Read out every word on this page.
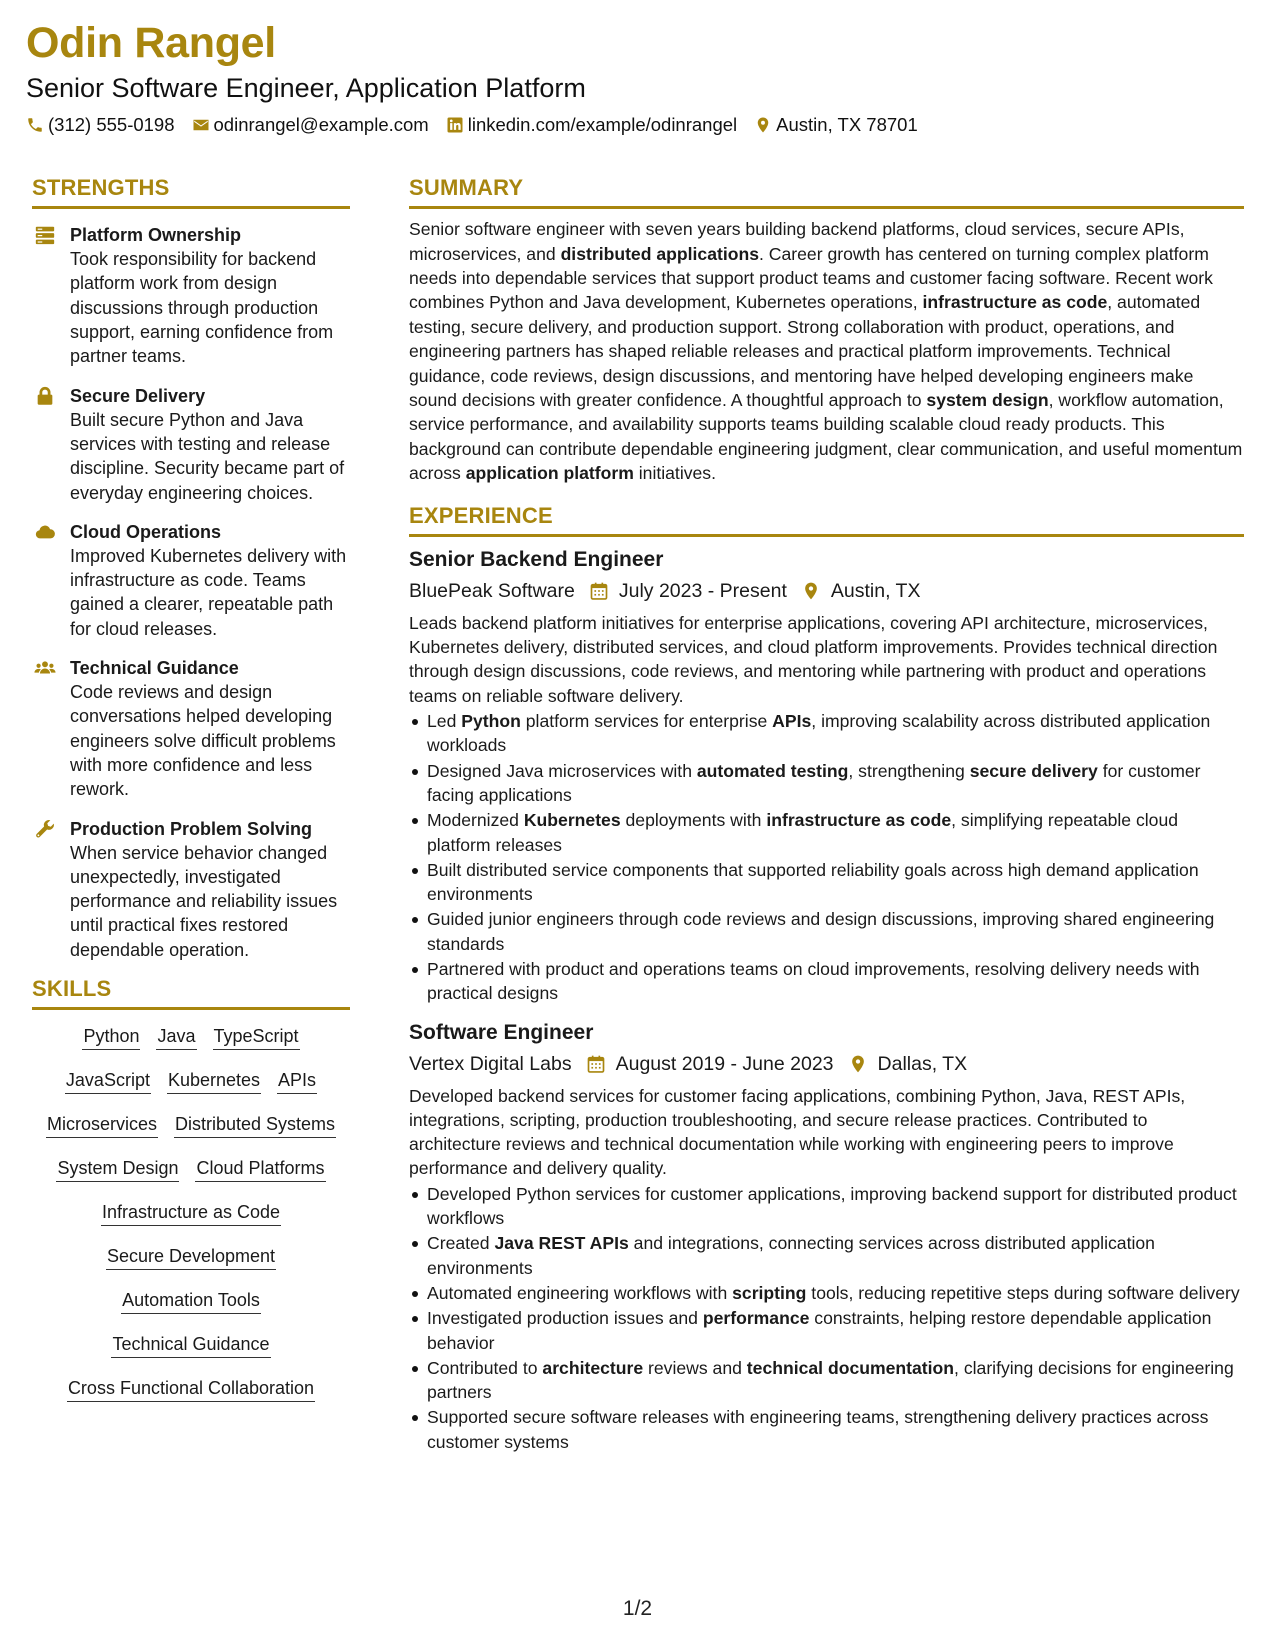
Odin Rangel
Senior Software Engineer, Application Platform
(312) 555-0198 odinrangel@example.com linkedin.com/example/odinrangel Austin, TX 78701
STRENGTHS
Platform Ownership
Took responsibility for backend platform work from design discussions through production support, earning confidence from partner teams.
Secure Delivery
Built secure Python and Java services with testing and release discipline. Security became part of everyday engineering choices.
Cloud Operations
Improved Kubernetes delivery with infrastructure as code. Teams gained a clearer, repeatable path for cloud releases.
Technical Guidance
Code reviews and design conversations helped developing engineers solve difficult problems with more confidence and less rework.
Production Problem Solving
When service behavior changed unexpectedly, investigated performance and reliability issues until practical fixes restored dependable operation.
SKILLS
Python Java TypeScript
JavaScript Kubernetes APIs
Microservices Distributed Systems
System Design Cloud Platforms
Infrastructure as Code
Secure Development
Automation Tools
Technical Guidance
Cross Functional Collaboration
SUMMARY
Senior software engineer with seven years building backend platforms, cloud services, secure APIs, microservices, and distributed applications. Career growth has centered on turning complex platform needs into dependable services that support product teams and customer facing software. Recent work combines Python and Java development, Kubernetes operations, infrastructure as code, automated testing, secure delivery, and production support. Strong collaboration with product, operations, and engineering partners has shaped reliable releases and practical platform improvements. Technical guidance, code reviews, design discussions, and mentoring have helped developing engineers make sound decisions with greater confidence. A thoughtful approach to system design, workflow automation, service performance, and availability supports teams building scalable cloud ready products. This background can contribute dependable engineering judgment, clear communication, and useful momentum across application platform initiatives.
EXPERIENCE
Senior Backend Engineer
BluePeak Software July 2023 - Present Austin, TX
Leads backend platform initiatives for enterprise applications, covering API architecture, microservices, Kubernetes delivery, distributed services, and cloud platform improvements. Provides technical direction through design discussions, code reviews, and mentoring while partnering with product and operations teams on reliable software delivery.
Led Python platform services for enterprise APIs, improving scalability across distributed application workloads
Designed Java microservices with automated testing, strengthening secure delivery for customer facing applications
Modernized Kubernetes deployments with infrastructure as code, simplifying repeatable cloud platform releases
Built distributed service components that supported reliability goals across high demand application environments
Guided junior engineers through code reviews and design discussions, improving shared engineering standards
Partnered with product and operations teams on cloud improvements, resolving delivery needs with practical designs
Software Engineer
Vertex Digital Labs August 2019 - June 2023 Dallas, TX
Developed backend services for customer facing applications, combining Python, Java, REST APIs, integrations, scripting, production troubleshooting, and secure release practices. Contributed to architecture reviews and technical documentation while working with engineering peers to improve performance and delivery quality.
Developed Python services for customer applications, improving backend support for distributed product workflows
Created Java REST APIs and integrations, connecting services across distributed application environments
Automated engineering workflows with scripting tools, reducing repetitive steps during software delivery
Investigated production issues and performance constraints, helping restore dependable application behavior
Contributed to architecture reviews and technical documentation, clarifying decisions for engineering partners
Supported secure software releases with engineering teams, strengthening delivery practices across customer systems
1/2
